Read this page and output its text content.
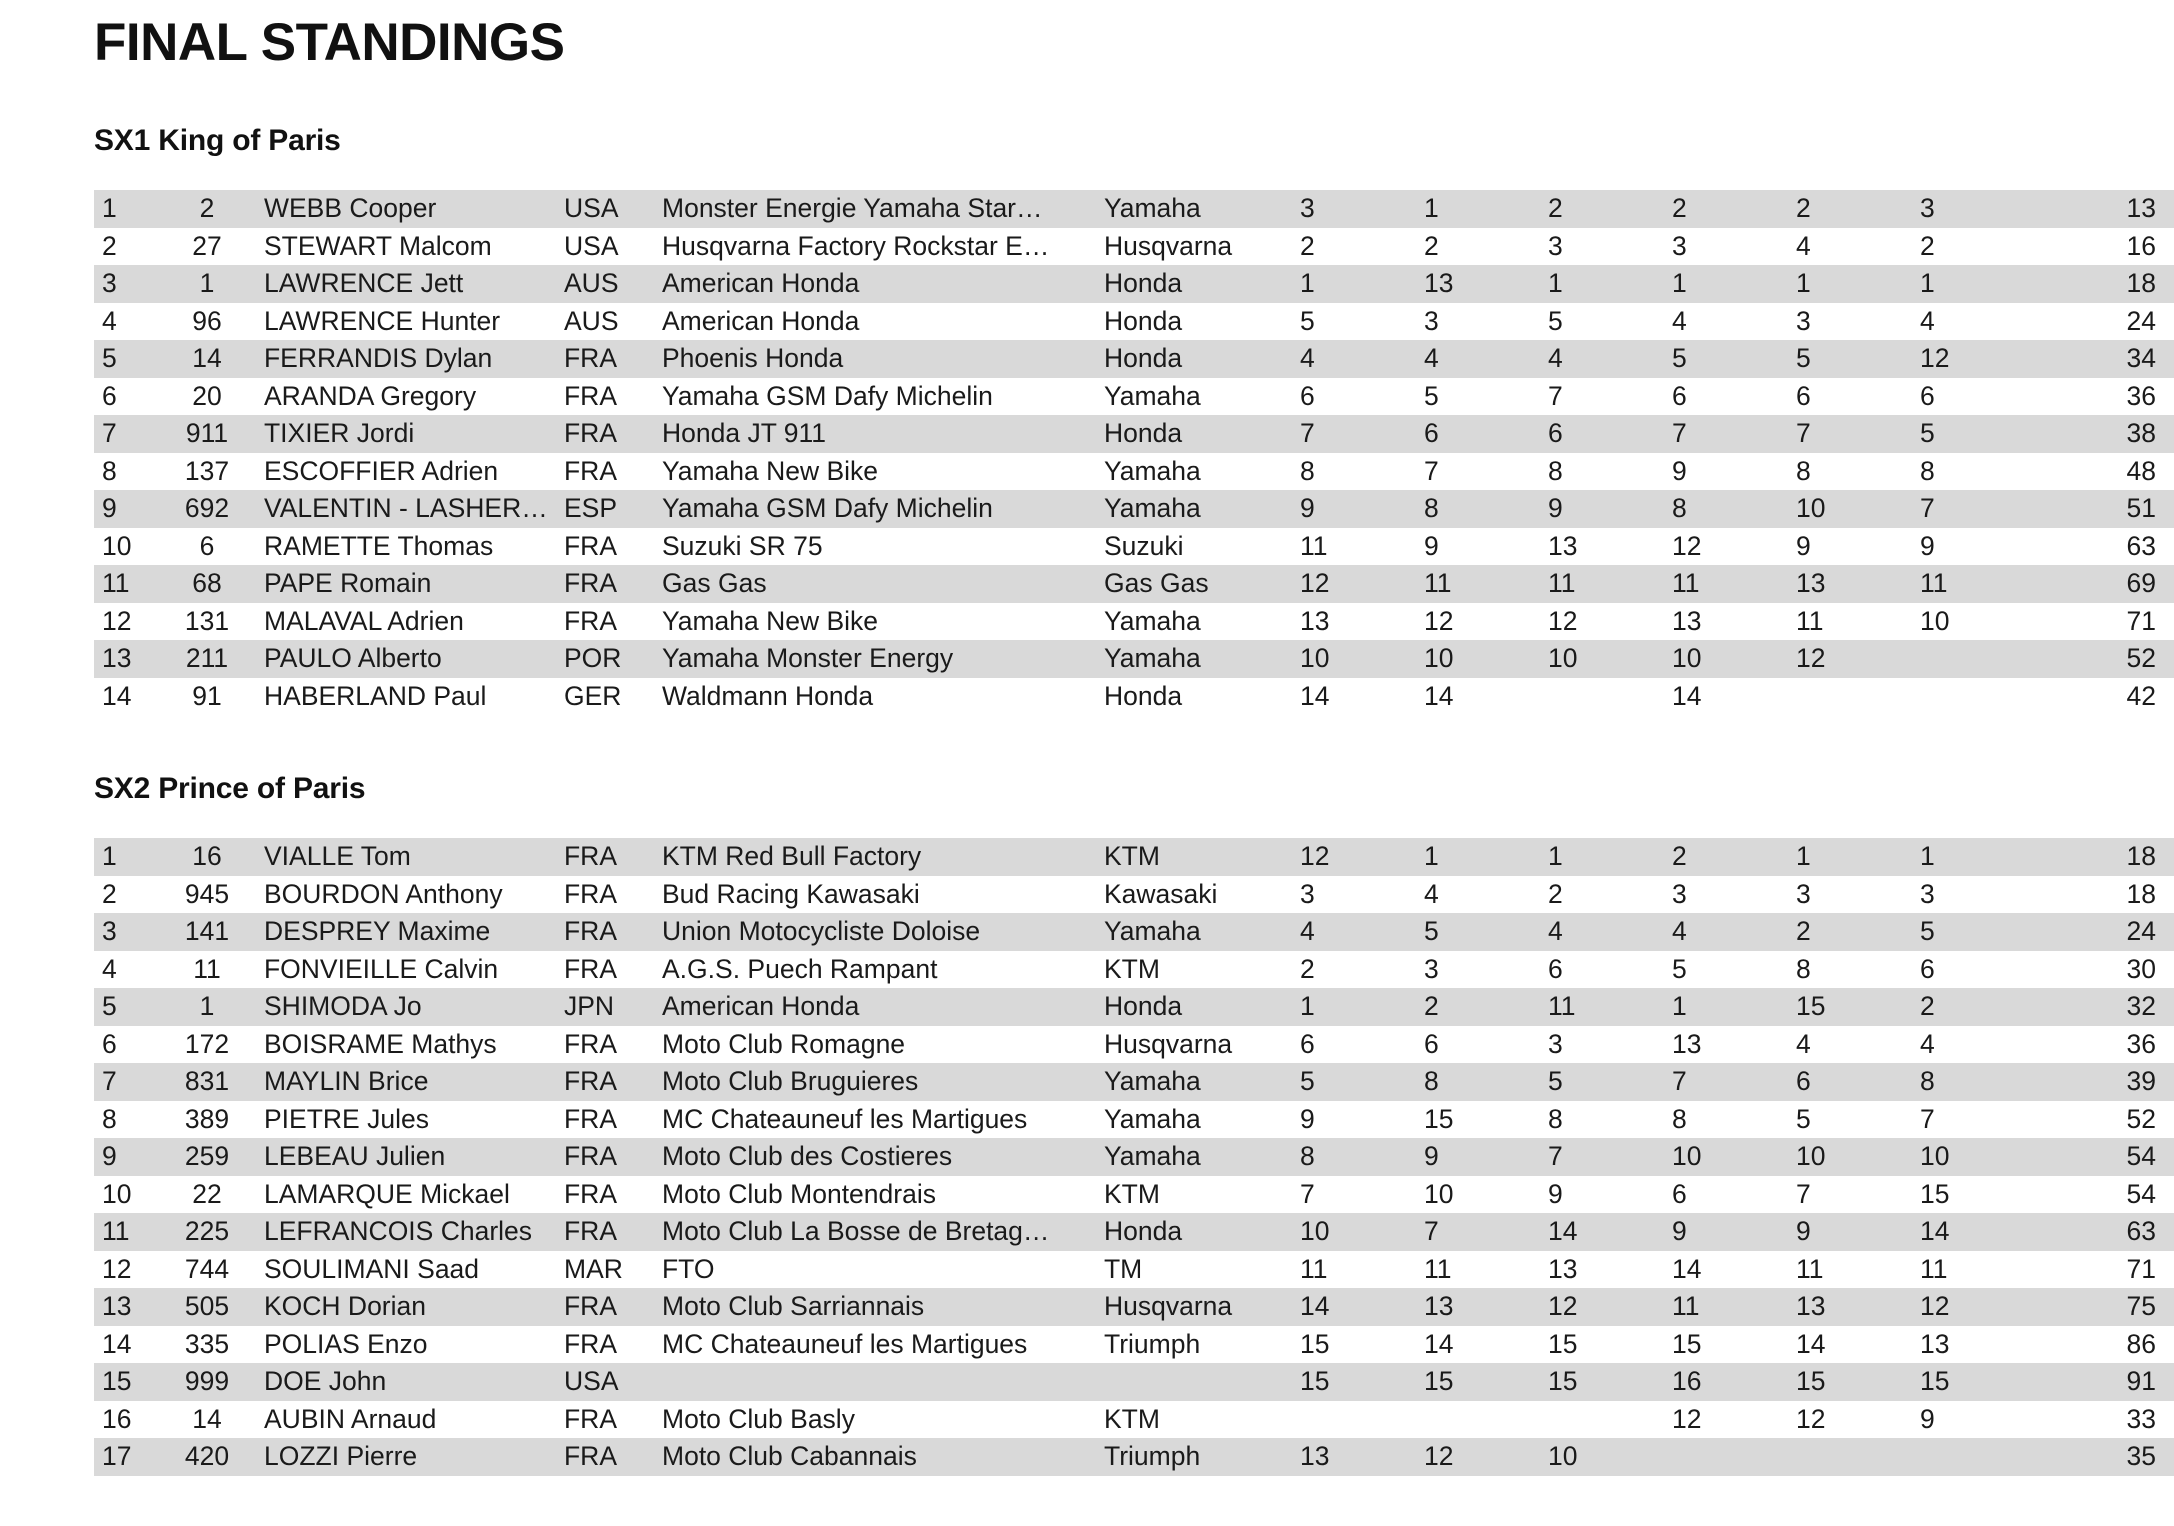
FINAL STANDINGS
SX1 King of Paris
1	2	WEBB Cooper	USA	Monster Energie Yamaha Star…	Yamaha	3	1	2	2	2	3	13
2	27	STEWART Malcom	USA	Husqvarna Factory Rockstar E…	Husqvarna	2	2	3	3	4	2	16
3	1	LAWRENCE Jett	AUS	American Honda	Honda	1	13	1	1	1	1	18
4	96	LAWRENCE Hunter	AUS	American Honda	Honda	5	3	5	4	3	4	24
5	14	FERRANDIS Dylan	FRA	Phoenis Honda	Honda	4	4	4	5	5	12	34
6	20	ARANDA Gregory	FRA	Yamaha GSM Dafy Michelin	Yamaha	6	5	7	6	6	6	36
7	911	TIXIER Jordi	FRA	Honda JT 911	Honda	7	6	6	7	7	5	38
8	137	ESCOFFIER Adrien	FRA	Yamaha New Bike	Yamaha	8	7	8	9	8	8	48
9	692	VALENTIN - LASHER…	ESP	Yamaha GSM Dafy Michelin	Yamaha	9	8	9	8	10	7	51
10	6	RAMETTE Thomas	FRA	Suzuki SR 75	Suzuki	11	9	13	12	9	9	63
11	68	PAPE Romain	FRA	Gas Gas	Gas Gas	12	11	11	11	13	11	69
12	131	MALAVAL Adrien	FRA	Yamaha New Bike	Yamaha	13	12	12	13	11	10	71
13	211	PAULO Alberto	POR	Yamaha Monster Energy	Yamaha	10	10	10	10	12		52
14	91	HABERLAND Paul	GER	Waldmann Honda	Honda	14	14		14			42
SX2 Prince of Paris
1	16	VIALLE Tom	FRA	KTM Red Bull Factory	KTM	12	1	1	2	1	1	18
2	945	BOURDON Anthony	FRA	Bud Racing Kawasaki	Kawasaki	3	4	2	3	3	3	18
3	141	DESPREY Maxime	FRA	Union Motocycliste Doloise	Yamaha	4	5	4	4	2	5	24
4	11	FONVIEILLE Calvin	FRA	A.G.S. Puech Rampant	KTM	2	3	6	5	8	6	30
5	1	SHIMODA Jo	JPN	American Honda	Honda	1	2	11	1	15	2	32
6	172	BOISRAME Mathys	FRA	Moto Club Romagne	Husqvarna	6	6	3	13	4	4	36
7	831	MAYLIN Brice	FRA	Moto Club Bruguieres	Yamaha	5	8	5	7	6	8	39
8	389	PIETRE Jules	FRA	MC Chateauneuf les Martigues	Yamaha	9	15	8	8	5	7	52
9	259	LEBEAU Julien	FRA	Moto Club des Costieres	Yamaha	8	9	7	10	10	10	54
10	22	LAMARQUE Mickael	FRA	Moto Club Montendrais	KTM	7	10	9	6	7	15	54
11	225	LEFRANCOIS Charles	FRA	Moto Club La Bosse de Bretag…	Honda	10	7	14	9	9	14	63
12	744	SOULIMANI Saad	MAR	FTO	TM	11	11	13	14	11	11	71
13	505	KOCH Dorian	FRA	Moto Club Sarriannais	Husqvarna	14	13	12	11	13	12	75
14	335	POLIAS Enzo	FRA	MC Chateauneuf les Martigues	Triumph	15	14	15	15	14	13	86
15	999	DOE John	USA			15	15	15	16	15	15	91
16	14	AUBIN Arnaud	FRA	Moto Club Basly	KTM				12	12	9	33
17	420	LOZZI Pierre	FRA	Moto Club Cabannais	Triumph	13	12	10				35
